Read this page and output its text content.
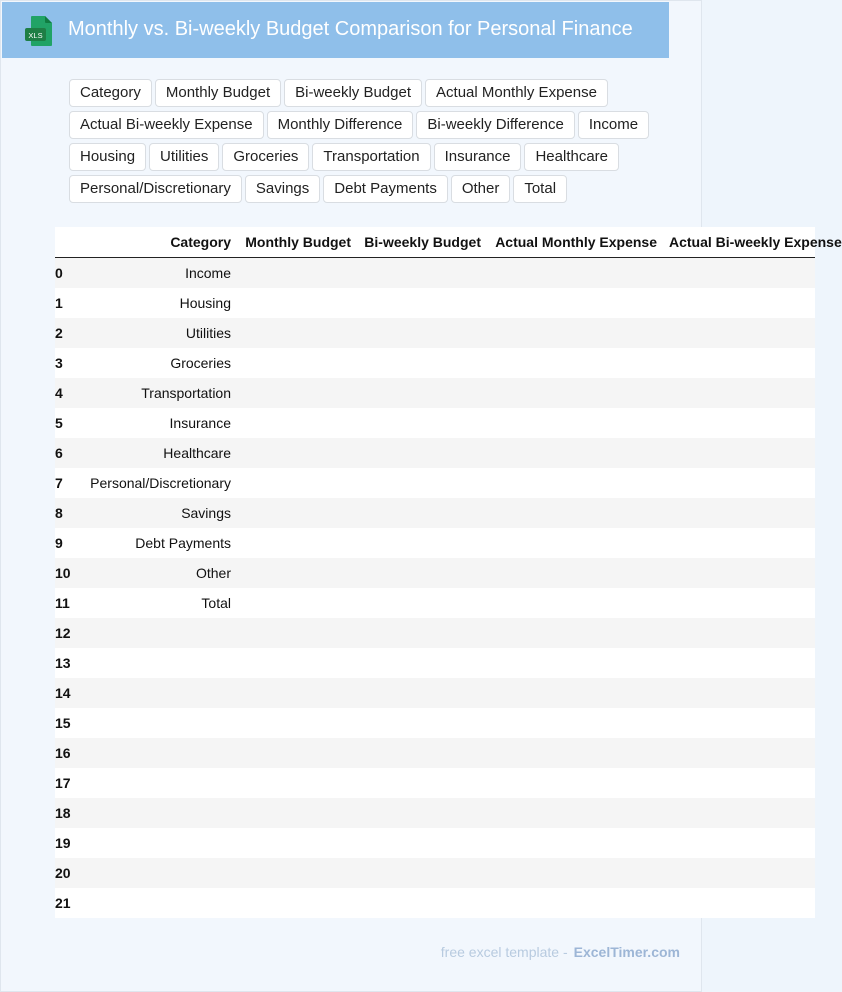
XLS Monthly vs. Bi-weekly Budget Comparison for Personal Finance
Category	Monthly Budget	Bi-weekly Budget	Actual Monthly Expense
Actual Bi-weekly Expense	Monthly Difference	Bi-weekly Difference	Income
Housing	Utilities	Groceries	Transportation	Insurance	Healthcare
Personal/Discretionary	Savings	Debt Payments	Other	Total
	Category	Monthly Budget	Bi-weekly Budget	Actual Monthly Expense	Actual Bi-weekly Expense
0	Income				
1	Housing				
2	Utilities				
3	Groceries				
4	Transportation				
5	Insurance				
6	Healthcare				
7	Personal/Discretionary				
8	Savings				
9	Debt Payments				
10	Other				
11	Total				
12					
13					
14					
15					
16					
17					
18					
19					
20					
21					
free excel template - ExcelTimer.com
